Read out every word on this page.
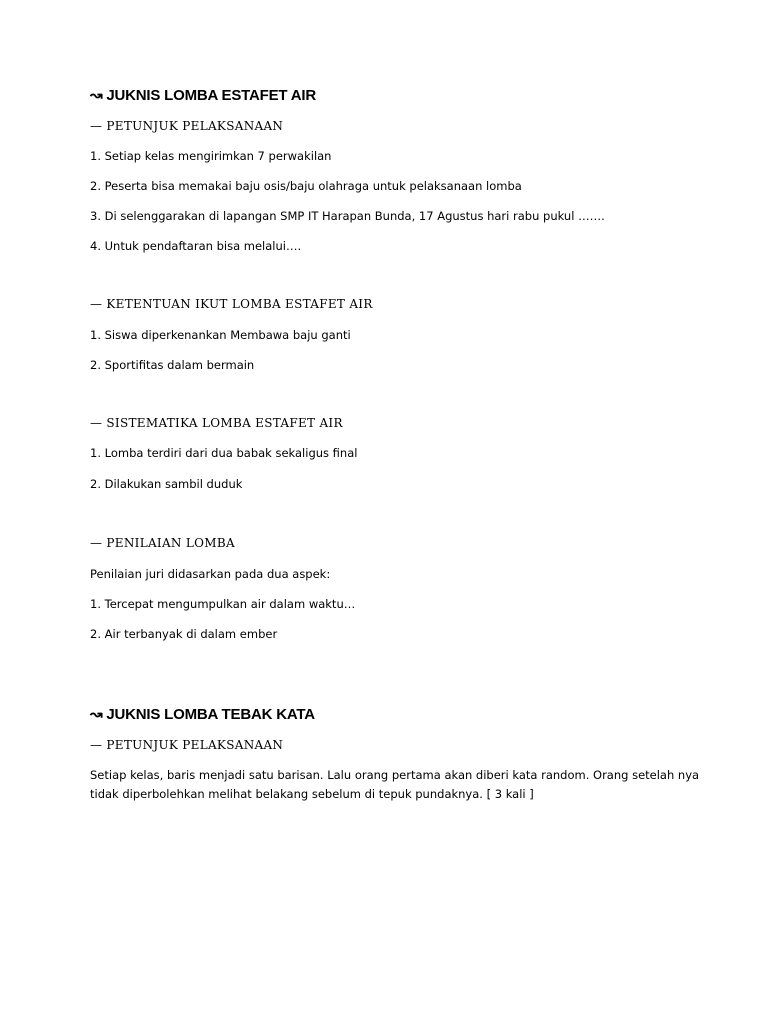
↝ JUKNIS LOMBA ESTAFET AIR
— PETUNJUK PELAKSANAAN
1. Setiap kelas mengirimkan 7 perwakilan
2. Peserta bisa memakai baju osis/baju olahraga untuk pelaksanaan lomba
3. Di selenggarakan di lapangan SMP IT Harapan Bunda, 17 Agustus hari rabu pukul …….
4. Untuk pendaftaran bisa melalui….
— KETENTUAN IKUT LOMBA ESTAFET AIR
1. Siswa diperkenankan Membawa baju ganti
2. Sportifitas dalam bermain
— SISTEMATIKA LOMBA ESTAFET AIR
1. Lomba terdiri dari dua babak sekaligus final
2. Dilakukan sambil duduk
— PENILAIAN LOMBA
Penilaian juri didasarkan pada dua aspek:
1. Tercepat mengumpulkan air dalam waktu…
2. Air terbanyak di dalam ember
↝ JUKNIS LOMBA TEBAK KATA
— PETUNJUK PELAKSANAAN
Setiap kelas, baris menjadi satu barisan. Lalu orang pertama akan diberi kata random. Orang setelah nya tidak diperbolehkan melihat belakang sebelum di tepuk pundaknya. [ 3 kali ]
